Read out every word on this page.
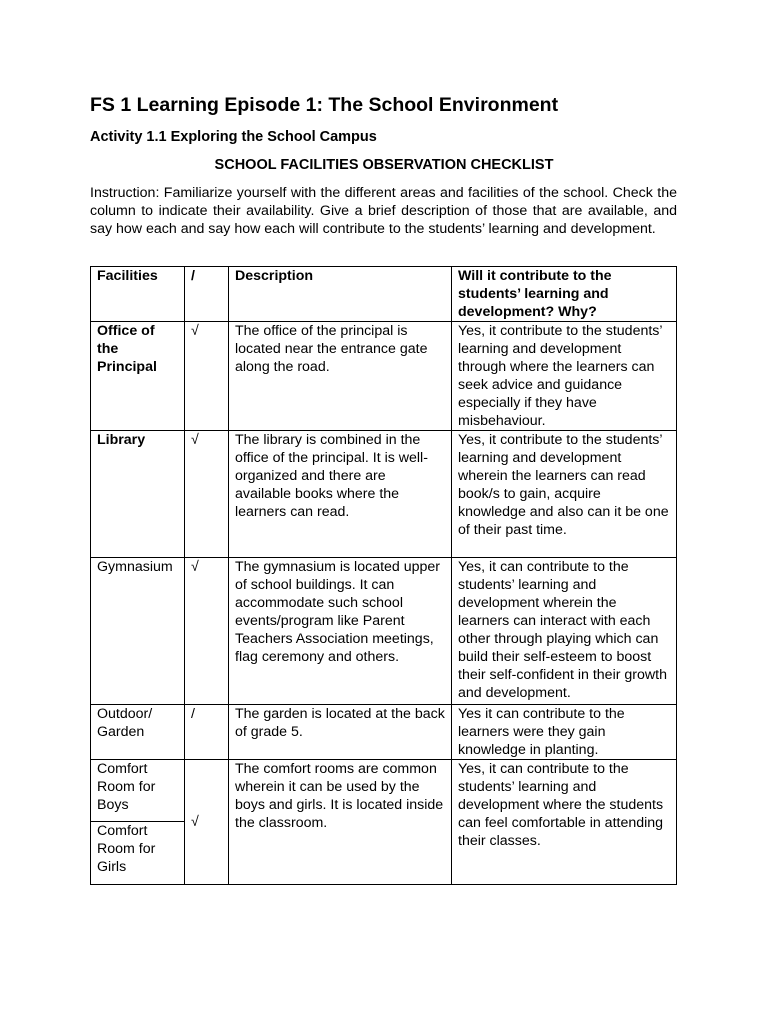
FS 1 Learning Episode 1: The School Environment
Activity 1.1 Exploring the School Campus
SCHOOL FACILITIES OBSERVATION CHECKLIST
Instruction: Familiarize yourself with the different areas and facilities of the school. Check the column to indicate their availability. Give a brief description of those that are available, and say how each and say how each will contribute to the students’ learning and development.
Facilities	/	Description	Will it contribute to the students’ learning and development? Why?
Office of the Principal	√	The office of the principal is located near the entrance gate along the road.	Yes, it contribute to the students’ learning and development through where the learners can seek advice and guidance especially if they have misbehaviour.
Library	√	The library is combined in the office of the principal. It is well-organized and there are available books where the learners can read.	Yes, it contribute to the students’ learning and development wherein the learners can read book/s to gain, acquire knowledge and also can it be one of their past time.
Gymnasium	√	The gymnasium is located upper of school buildings. It can accommodate such school events/program like Parent Teachers Association meetings, flag ceremony and others.	Yes, it can contribute to the students’ learning and development wherein the learners can interact with each other through playing which can build their self-esteem to boost their self-confident in their growth and development.
Outdoor/ Garden	/	The garden is located at the back of grade 5.	Yes it can contribute to the learners were they gain knowledge in planting.
Comfort Room for Boys	√	The comfort rooms are common wherein it can be used by the boys and girls. It is located inside the classroom.	Yes, it can contribute to the students’ learning and development where the students can feel comfortable in attending their classes.
Comfort Room for Girls			
